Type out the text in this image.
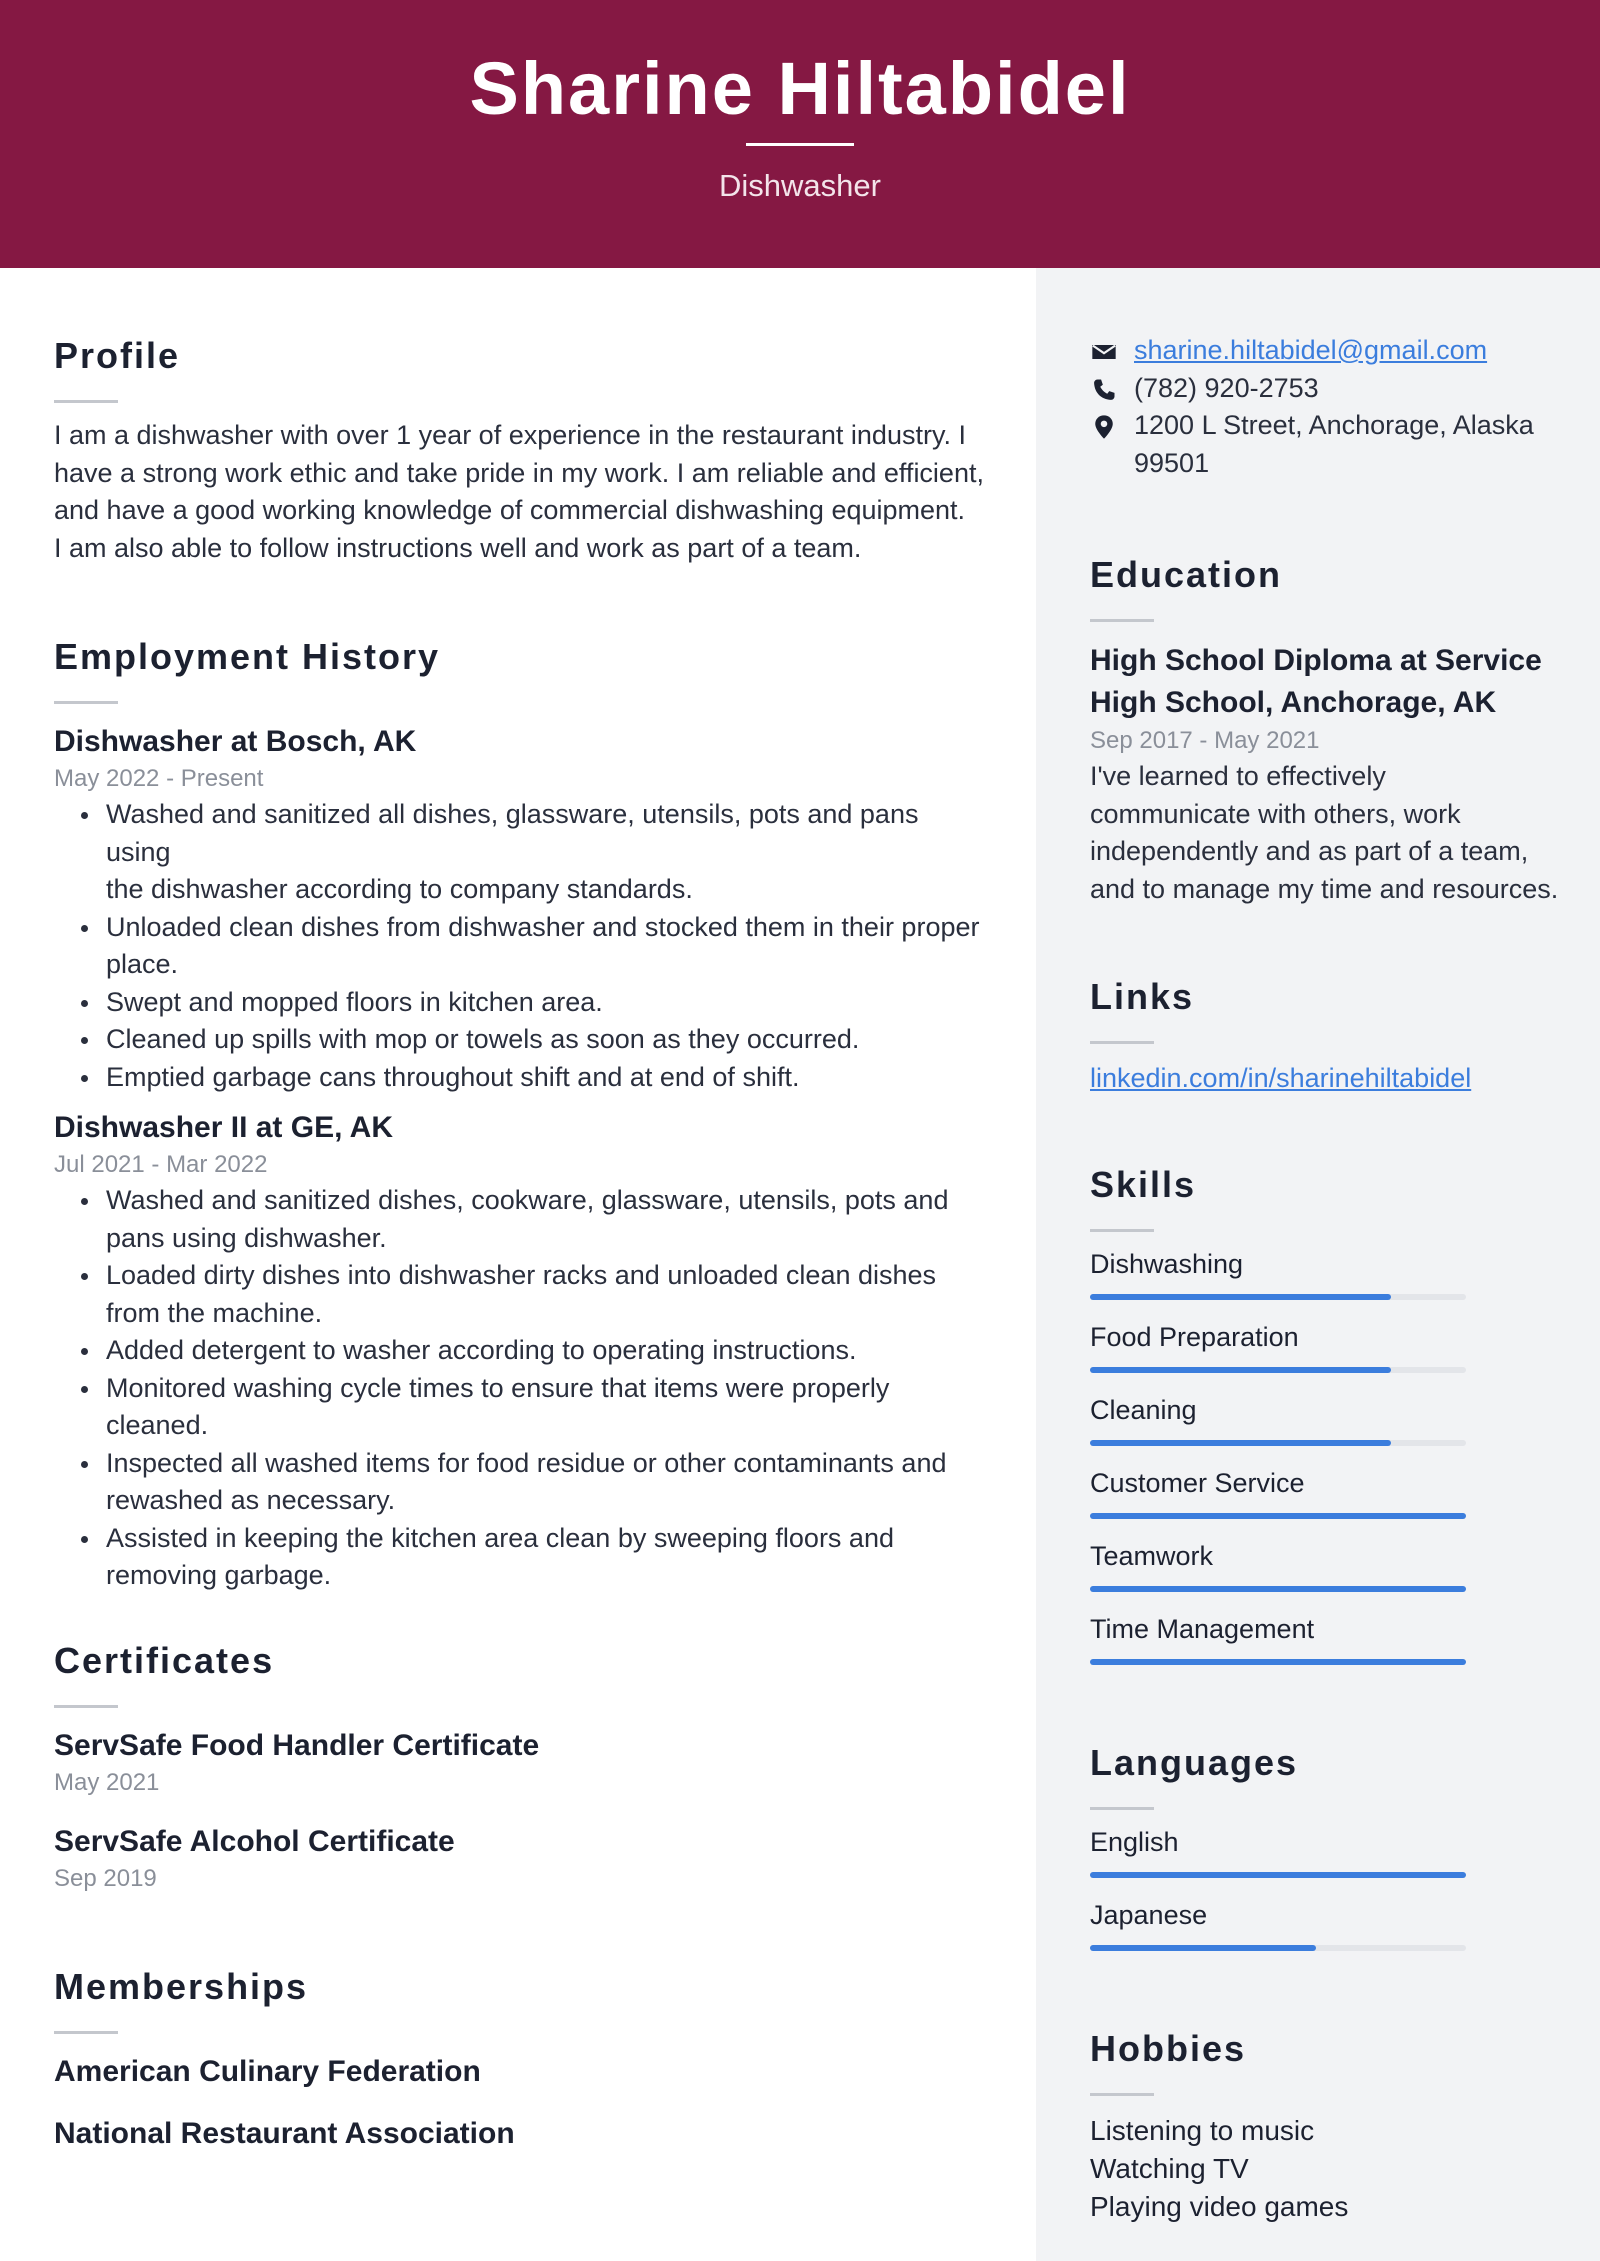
Sharine Hiltabidel
Dishwasher
Profile
I am a dishwasher with over 1 year of experience in the restaurant industry. I
have a strong work ethic and take pride in my work. I am reliable and efficient,
and have a good working knowledge of commercial dishwashing equipment.
I am also able to follow instructions well and work as part of a team.
Employment History
Dishwasher at Bosch, AK
May 2022 - Present
Washed and sanitized all dishes, glassware, utensils, pots and pans using
the dishwasher according to company standards.
Unloaded clean dishes from dishwasher and stocked them in their proper
place.
Swept and mopped floors in kitchen area.
Cleaned up spills with mop or towels as soon as they occurred.
Emptied garbage cans throughout shift and at end of shift.
Dishwasher II at GE, AK
Jul 2021 - Mar 2022
Washed and sanitized dishes, cookware, glassware, utensils, pots and
pans using dishwasher.
Loaded dirty dishes into dishwasher racks and unloaded clean dishes
from the machine.
Added detergent to washer according to operating instructions.
Monitored washing cycle times to ensure that items were properly
cleaned.
Inspected all washed items for food residue or other contaminants and
rewashed as necessary.
Assisted in keeping the kitchen area clean by sweeping floors and
removing garbage.
Certificates
ServSafe Food Handler Certificate
May 2021
ServSafe Alcohol Certificate
Sep 2019
Memberships
American Culinary Federation
National Restaurant Association
sharine.hiltabidel@gmail.com
(782) 920-2753
1200 L Street, Anchorage, Alaska
99501
Education
High School Diploma at Service
High School, Anchorage, AK
Sep 2017 - May 2021
I've learned to effectively
communicate with others, work
independently and as part of a team,
and to manage my time and resources.
Links
linkedin.com/in/sharinehiltabidel
Skills
Dishwashing
Food Preparation
Cleaning
Customer Service
Teamwork
Time Management
Languages
English
Japanese
Hobbies
Listening to music
Watching TV
Playing video games
